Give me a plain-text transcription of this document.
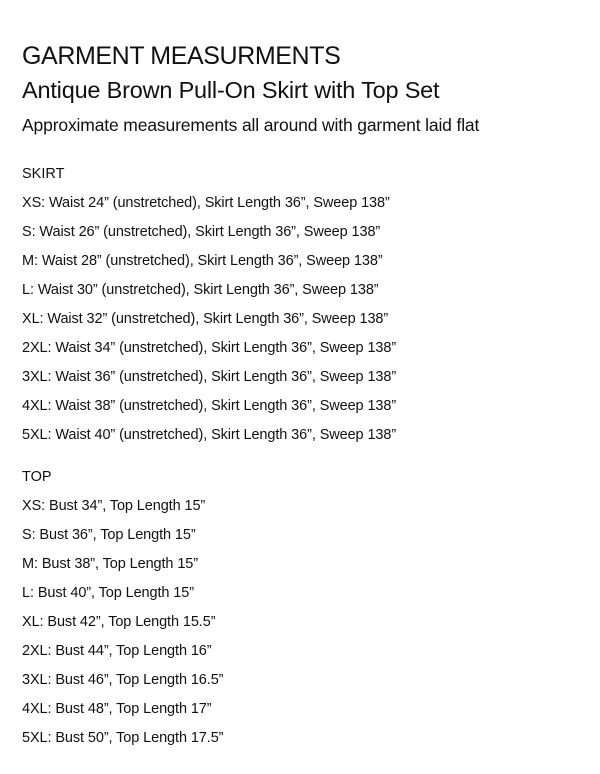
GARMENT MEASURMENTS
Antique Brown Pull-On Skirt with Top Set
Approximate measurements all around with garment laid flat
SKIRT
XS: Waist 24” (unstretched), Skirt Length 36”, Sweep 138”
S: Waist 26” (unstretched), Skirt Length 36”, Sweep 138”
M: Waist 28” (unstretched), Skirt Length 36”, Sweep 138”
L: Waist 30” (unstretched), Skirt Length 36”, Sweep 138”
XL: Waist 32” (unstretched), Skirt Length 36”, Sweep 138”
2XL: Waist 34” (unstretched), Skirt Length 36”, Sweep 138”
3XL: Waist 36” (unstretched), Skirt Length 36”, Sweep 138”
4XL: Waist 38” (unstretched), Skirt Length 36”, Sweep 138”
5XL: Waist 40” (unstretched), Skirt Length 36”, Sweep 138”
TOP
XS: Bust 34”, Top Length 15”
S: Bust 36”, Top Length 15”
M: Bust 38”, Top Length 15”
L: Bust 40”, Top Length 15”
XL: Bust 42”, Top Length 15.5”
2XL: Bust 44”, Top Length 16”
3XL: Bust 46”, Top Length 16.5”
4XL: Bust 48”, Top Length 17”
5XL: Bust 50”, Top Length 17.5”
